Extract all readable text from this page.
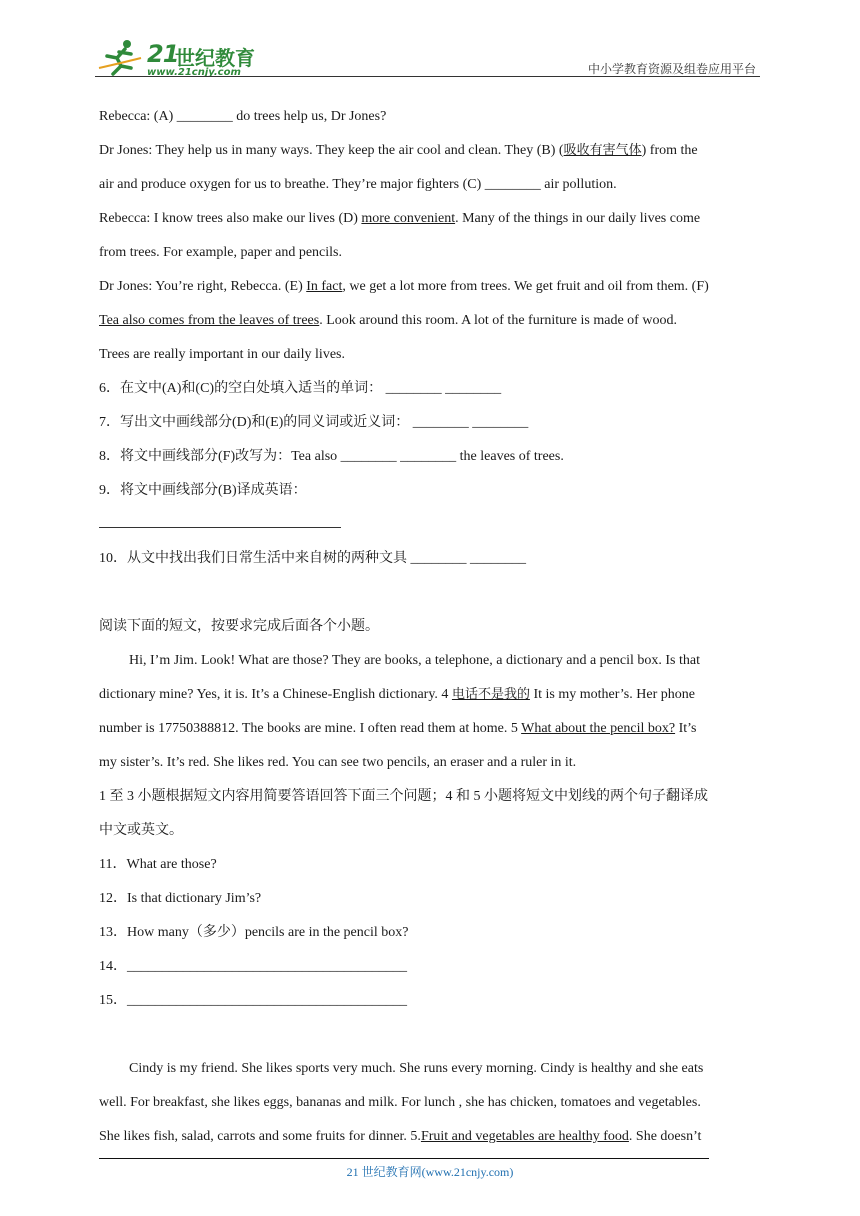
21
世纪教育
www.21cnjy.com	中小学教育资源及组卷应用平台
Rebecca: (A) ________ do trees help us, Dr Jones?
Dr Jones: They help us in many ways. They keep the air cool and clean. They (B) (吸收有害气体) from the
air and produce oxygen for us to breathe. They’re major fighters (C) ________ air pollution.
Rebecca: I know trees also make our lives (D) more convenient. Many of the things in our daily lives come
from trees. For example, paper and pencils.
Dr Jones: You’re right, Rebecca. (E) In fact, we get a lot more from trees. We get fruit and oil from them. (F)
Tea also comes from the leaves of trees. Look around this room. A lot of the furniture is made of wood.
Trees are really important in our daily lives.
6．在文中(A)和(C)的空白处填入适当的单词： ________ ________
7．写出文中画线部分(D)和(E)的同义词或近义词： ________ ________
8．将文中画线部分(F)改写为：Tea also ________ ________ the leaves of trees.
9．将文中画线部分(B)译成英语：
10．从文中找出我们日常生活中来自树的两种文具 ________ ________
阅读下面的短文，按要求完成后面各个小题。
Hi, I’m Jim. Look! What are those? They are books, a telephone, a dictionary and a pencil box. Is that
dictionary mine? Yes, it is. It’s a Chinese-English dictionary. 4 电话不是我的 It is my mother’s. Her phone
number is 17750388812. The books are mine. I often read them at home. 5 What about the pencil box? It’s
my sister’s. It’s red. She likes red. You can see two pencils, an eraser and a ruler in it.
1 至 3 小题根据短文内容用简要答语回答下面三个问题；4 和 5 小题将短文中划线的两个句子翻译成
中文或英文。
11．What are those?
12．Is that dictionary Jim’s?
13．How many（多少）pencils are in the pencil box?
14．________________________________________
15．________________________________________
Cindy is my friend. She likes sports very much. She runs every morning. Cindy is healthy and she eats
well. For breakfast, she likes eggs, bananas and milk. For lunch , she has chicken, tomatoes and vegetables.
She likes fish, salad, carrots and some fruits for dinner. 5.Fruit and vegetables are healthy food. She doesn’t
21 世纪教育网(www.21cnjy.com)
